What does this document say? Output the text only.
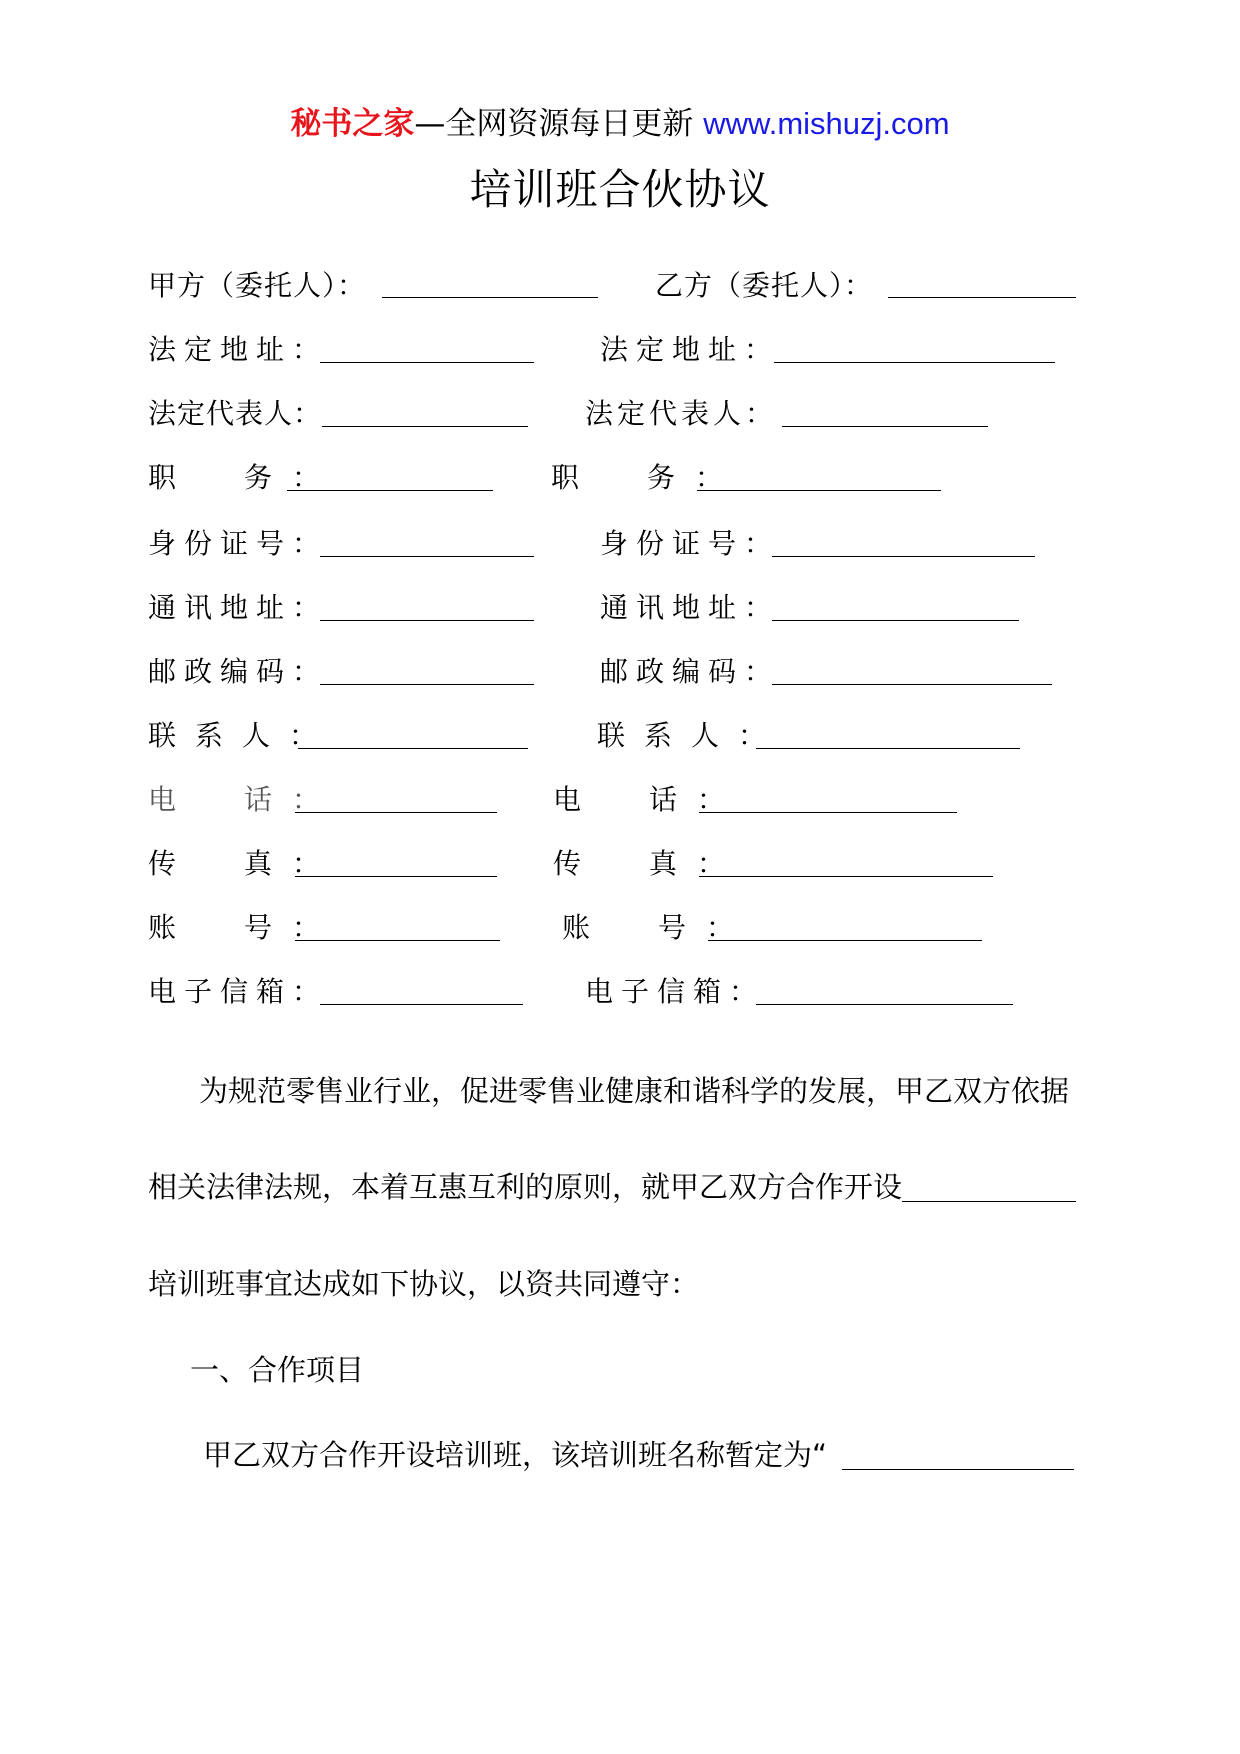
秘书之家—全网资源每日更新 www.mishuzj.com
培训班合伙协议
甲方（委托人）：	乙方（委托人）：
法定地址：	法定地址：
法定代表人：	法定代表人：
职　务：	职　务：
身份证号：	身份证号：
通讯地址：	通讯地址：
邮政编码：	邮政编码：
联系人：	联系人：
电　话：	电　话：
传　真：	传　真：
账　号：	账　号：
电子信箱：	电子信箱：
为规范零售业行业，促进零售业健康和谐科学的发展，甲乙双方依据
相关法律法规，本着互惠互利的原则，就甲乙双方合作开设
培训班事宜达成如下协议，以资共同遵守：
一、合作项目
甲乙双方合作开设培训班，该培训班名称暂定为“
